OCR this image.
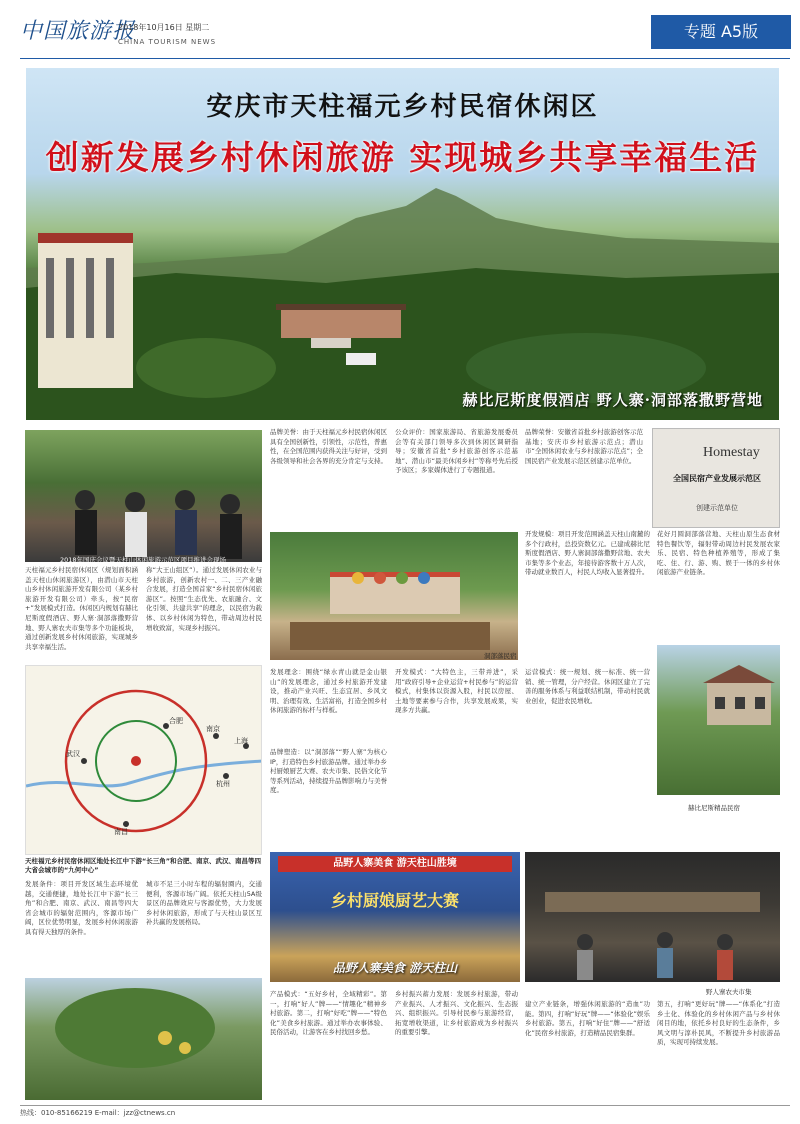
中国旅游报
2018年10月16日 星期二
CHINA TOURISM NEWS
专题 A5版
安庆市天柱福元乡村民宿休闲区
创新发展乡村休闲旅游 实现城乡共享幸福生活
赫比尼斯度假酒店 野人寨·洞部落撒野营地
2018年国庆会议暨天柱山休闲旅游示范区项目推进会现场
天柱福元乡村民宿休闲区（规划面积涵盖天柱山休闲旅游区），由潜山市天柱山乡村休闲旅游开发有限公司（某乡村旅游开发有限公司）牵头，按“民宿+”发展模式打造。休闲区内规划有赫比尼斯度假酒店、野人寨·洞部落撒野营地、野人寨农夫市集等多个功能板块，通过创新发展乡村休闲旅游，实现城乡共享幸福生活。
称“大王山组区”）。通过发展休闲农业与乡村旅游，创新农村一、二、三产业融合发展，打造全国首家“乡村民宿休闲旅游区”。按照“生态优先、农旅融合、文化引领、共建共享”的理念，以民宿为载体、以乡村休闲为特色，带动周边村民增收致富，实现乡村振兴。
品牌美誉：由于天柱福元乡村民宿休闲区具有全国创新性，引领性，示范性，普惠性，在全国范围内获得关注与好评，受到各级领导和社会各界的充分肯定与支持。
公众评价：国家旅游局、省旅游发展委员会等有关部门领导多次到休闲区调研指导；安徽省首批“乡村旅游创客示范基地”、潜山市“最美休闲乡村”等称号先后授予该区；多家媒体进行了专题报道。
品牌荣誉：安徽省首批乡村旅游创客示范基地；安庆市乡村旅游示范点；潜山市“全国休闲农业与乡村旅游示范点”；全国民宿产业发展示范区创建示范单位。
Homestay
全国民宿产业发展示范区
创建示范单位
开发规模：项目开发范围涵盖天柱山南麓的多个行政村，总投资数亿元。已建成赫比尼斯度假酒店、野人寨洞部落撒野营地、农夫市集等多个业态，年接待游客数十万人次，带动就业数百人，村民人均收入显著提升。
花好月圆洞部落营地、天柱山原生态食材特色餐饮等，辐射带动周边村民发展农家乐、民宿、特色种植养殖等，形成了集吃、住、行、游、购、娱于一体的乡村休闲旅游产业链条。
洞部落民宿
赫比尼斯精品民宿
合肥
南京
武汉
南昌
上海
杭州
天柱福元乡村民宿休闲区地处长江中下游“长三角”和合肥、南京、武汉、南昌等四大省会城市的“九何中心”
发展条件：项目开发区域生态环境优越，交通便捷，地处长江中下游“长三角”和合肥、南京、武汉、南昌等四大省会城市的辐射范围内，客源市场广阔，区位优势明显，发展乡村休闲旅游具有得天独厚的条件。
城市不足三小时车程的辐射圈内，交通便利，客源市场广阔。依托天柱山5A级景区的品牌效应与客源优势，大力发展乡村休闲旅游，形成了与天柱山景区互补共赢的发展格局。
发展理念：围绕“绿水青山就是金山银山”的发展理念，通过乡村旅游开发建设，推动产业兴旺、生态宜居、乡风文明、治理有效、生活富裕，打造全国乡村休闲旅游的标杆与样板。
品牌塑造：以“洞部落”“野人寨”为核心IP，打造特色乡村旅游品牌。通过举办乡村厨娘厨艺大赛、农夫市集、民俗文化节等系列活动，持续提升品牌影响力与美誉度。
开发模式：“大特色主，三带并进”，采用“政府引导+企业运营+村民参与”的运营模式，村集体以资源入股，村民以房屋、土地等要素参与合作，共享发展成果，实现多方共赢。
运营模式：统一规划、统一标准、统一营销、统一管理，分户经营。休闲区建立了完善的服务体系与利益联结机制，带动村民就业创业，促进农民增收。
品野人寨美食 游天柱山胜境
乡村厨娘厨艺大赛
品野人寨美食 游天柱山
野人寨农夫市集
产品模式：“五好乡村，全域精彩”。第一，打响“好人”牌——“情趣化”精神乡村旅游。第二，打响“好吃”牌——“特色化”美食乡村旅游。通过举办农事体验、民俗活动，让游客在乡村找回乡愁。
乡村振兴蓄力发展：发展乡村旅游，带动产业振兴、人才振兴、文化振兴、生态振兴、组织振兴。引导村民参与旅游经营，拓宽增收渠道，让乡村旅游成为乡村振兴的重要引擎。
建立产业链条，增强休闲旅游的“造血”功能。第四，打响“好玩”牌——“体验化”娱乐乡村旅游。第五，打响“好住”牌——“舒适化”民宿乡村旅游，打造精品民宿集群。
第五，打响“更好玩”牌——“体系化”打造乡土化、体验化的乡村休闲产品与乡村休闲目的地，依托乡村良好的生态条件，乡风文明与淳朴民风，不断提升乡村旅游品质，实现可持续发展。
热线：010-85166219 E-mail：jzz@ctnews.cn
